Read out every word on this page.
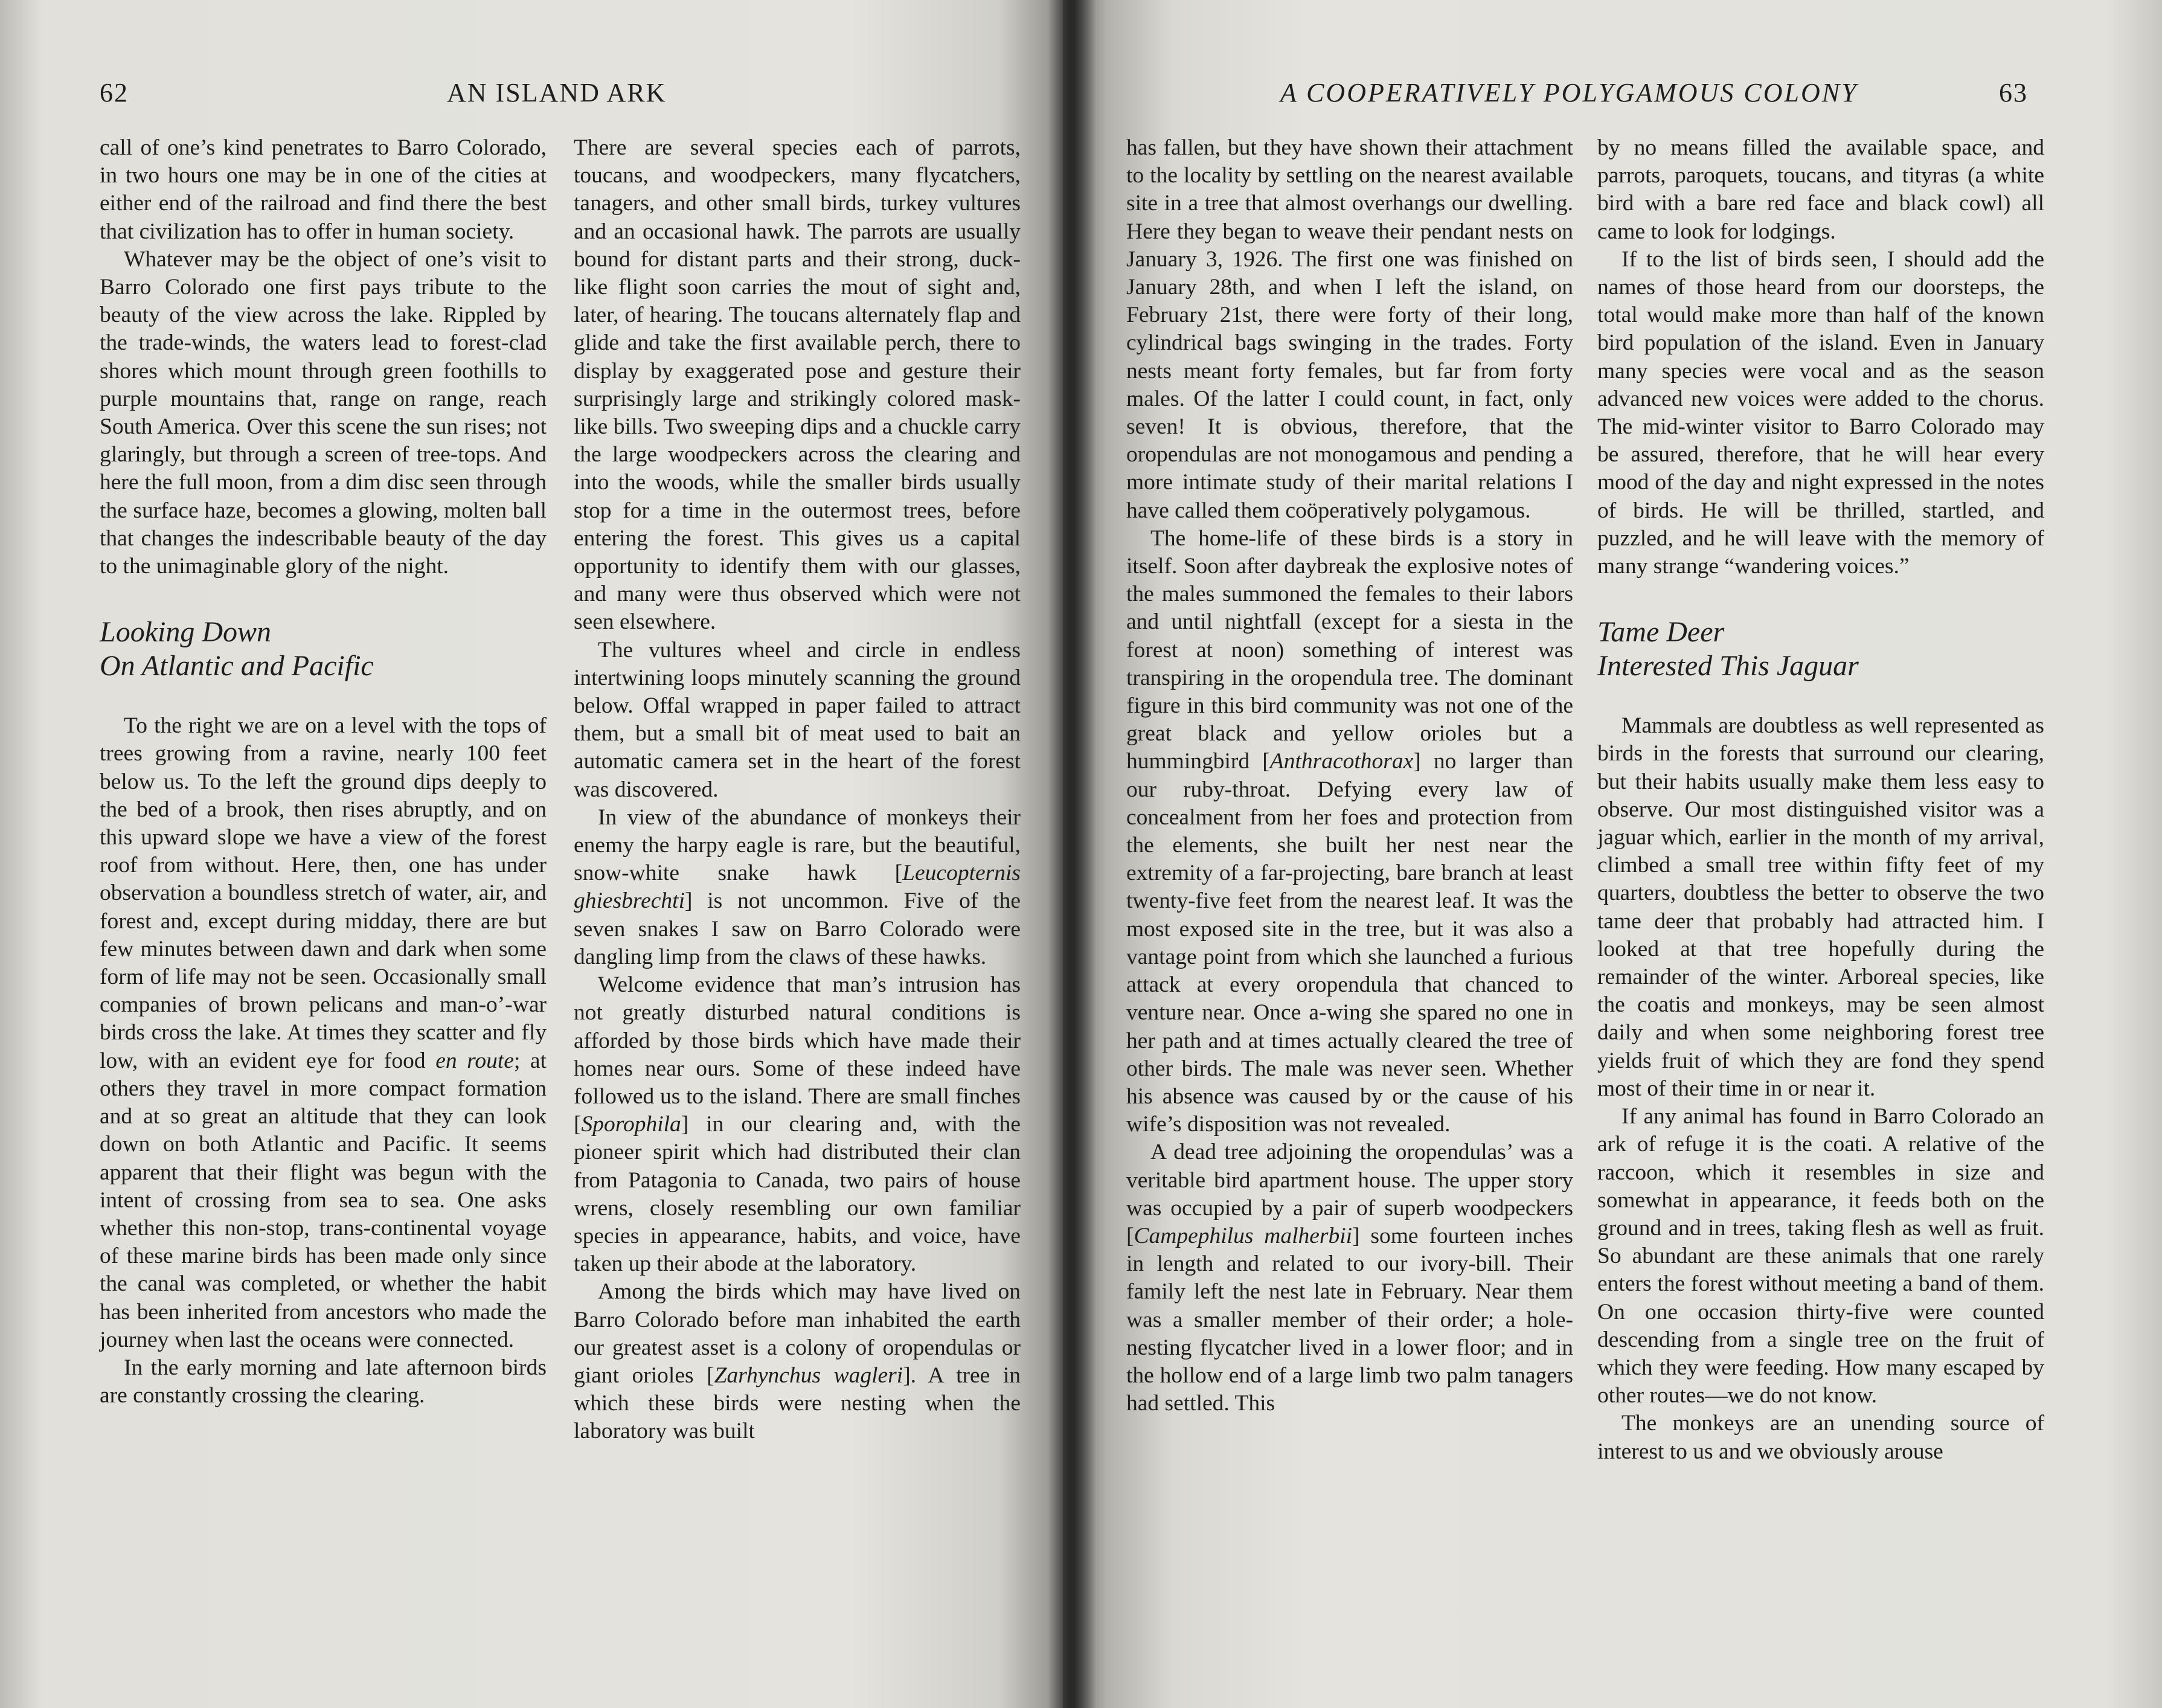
62	AN ISLAND ARK

call of one’s kind penetrates to Barro Colorado, in two hours one may be in one of the cities at either end of the railroad and find there the best that civilization has to offer in human society.

Whatever may be the object of one’s visit to Barro Colorado one first pays tribute to the beauty of the view across the lake. Rippled by the trade-winds, the waters lead to forest-clad shores which mount through green foothills to purple mountains that, range on range, reach South America. Over this scene the sun rises; not glaringly, but through a screen of tree-tops. And here the full moon, from a dim disc seen through the surface haze, becomes a glowing, molten ball that changes the indescribable beauty of the day to the unimaginable glory of the night.

Looking Down
On Atlantic and Pacific

To the right we are on a level with the tops of trees growing from a ravine, nearly 100 feet below us. To the left the ground dips deeply to the bed of a brook, then rises abruptly, and on this upward slope we have a view of the forest roof from without. Here, then, one has under observation a boundless stretch of water, air, and forest and, except during midday, there are but few minutes between dawn and dark when some form of life may not be seen. Occasionally small companies of brown pelicans and man-o’-war birds cross the lake. At times they scatter and fly low, with an evident eye for food en route; at others they travel in more compact formation and at so great an altitude that they can look down on both Atlantic and Pacific. It seems apparent that their flight was begun with the intent of crossing from sea to sea. One asks whether this non-stop, trans-continental voyage of these marine birds has been made only since the canal was completed, or whether the habit has been inherited from ancestors who made the journey when last the oceans were connected.

In the early morning and late afternoon birds are constantly crossing the clearing.

There are several species each of parrots, toucans, and woodpeckers, many flycatchers, tanagers, and other small birds, turkey vultures and an occasional hawk. The parrots are usually bound for distant parts and their strong, duck-like flight soon carries the mout of sight and, later, of hearing. The toucans alternately flap and glide and take the first available perch, there to display by exaggerated pose and gesture their surprisingly large and strikingly colored mask-like bills. Two sweeping dips and a chuckle carry the large woodpeckers across the clearing and into the woods, while the smaller birds usually stop for a time in the outermost trees, before entering the forest. This gives us a capital opportunity to identify them with our glasses, and many were thus observed which were not seen elsewhere.

The vultures wheel and circle in endless intertwining loops minutely scanning the ground below. Offal wrapped in paper failed to attract them, but a small bit of meat used to bait an automatic camera set in the heart of the forest was discovered.

In view of the abundance of monkeys their enemy the harpy eagle is rare, but the beautiful, snow-white snake hawk [Leucopternis ghiesbrechti] is not uncommon. Five of the seven snakes I saw on Barro Colorado were dangling limp from the claws of these hawks.

Welcome evidence that man’s intrusion has not greatly disturbed natural conditions is afforded by those birds which have made their homes near ours. Some of these indeed have followed us to the island. There are small finches [Sporophila] in our clearing and, with the pioneer spirit which had distributed their clan from Patagonia to Canada, two pairs of house wrens, closely resembling our own familiar species in appearance, habits, and voice, have taken up their abode at the laboratory.

Among the birds which may have lived on Barro Colorado before man inhabited the earth our greatest asset is a colony of oropendulas or giant orioles [Zarhynchus wagleri]. A tree in which these birds were nesting when the laboratory was built

A COOPERATIVELY POLYGAMOUS COLONY	63

has fallen, but they have shown their attachment to the locality by settling on the nearest available site in a tree that almost overhangs our dwelling. Here they began to weave their pendant nests on January 3, 1926. The first one was finished on January 28th, and when I left the island, on February 21st, there were forty of their long, cylindrical bags swinging in the trades. Forty nests meant forty females, but far from forty males. Of the latter I could count, in fact, only seven! It is obvious, therefore, that the oropendulas are not monogamous and pending a more intimate study of their marital relations I have called them coöperatively polygamous.

The home-life of these birds is a story in itself. Soon after daybreak the explosive notes of the males summoned the females to their labors and until nightfall (except for a siesta in the forest at noon) something of interest was transpiring in the oropendula tree. The dominant figure in this bird community was not one of the great black and yellow orioles but a hummingbird [Anthracothorax] no larger than our ruby-throat. Defying every law of concealment from her foes and protection from the elements, she built her nest near the extremity of a far-projecting, bare branch at least twenty-five feet from the nearest leaf. It was the most exposed site in the tree, but it was also a vantage point from which she launched a furious attack at every oropendula that chanced to venture near. Once a-wing she spared no one in her path and at times actually cleared the tree of other birds. The male was never seen. Whether his absence was caused by or the cause of his wife’s disposition was not revealed.

A dead tree adjoining the oropendulas’ was a veritable bird apartment house. The upper story was occupied by a pair of superb woodpeckers [Campephilus malherbii] some fourteen inches in length and related to our ivory-bill. Their family left the nest late in February. Near them was a smaller member of their order; a hole-nesting flycatcher lived in a lower floor; and in the hollow end of a large limb two palm tanagers had settled. This

by no means filled the available space, and parrots, paroquets, toucans, and tityras (a white bird with a bare red face and black cowl) all came to look for lodgings.

If to the list of birds seen, I should add the names of those heard from our doorsteps, the total would make more than half of the known bird population of the island. Even in January many species were vocal and as the season advanced new voices were added to the chorus. The mid-winter visitor to Barro Colorado may be assured, therefore, that he will hear every mood of the day and night expressed in the notes of birds. He will be thrilled, startled, and puzzled, and he will leave with the memory of many strange “wandering voices.”

Tame Deer
Interested This Jaguar

Mammals are doubtless as well represented as birds in the forests that surround our clearing, but their habits usually make them less easy to observe. Our most distinguished visitor was a jaguar which, earlier in the month of my arrival, climbed a small tree within fifty feet of my quarters, doubtless the better to observe the two tame deer that probably had attracted him. I looked at that tree hopefully during the remainder of the winter. Arboreal species, like the coatis and monkeys, may be seen almost daily and when some neighboring forest tree yields fruit of which they are fond they spend most of their time in or near it.

If any animal has found in Barro Colorado an ark of refuge it is the coati. A relative of the raccoon, which it resembles in size and somewhat in appearance, it feeds both on the ground and in trees, taking flesh as well as fruit. So abundant are these animals that one rarely enters the forest without meeting a band of them. On one occasion thirty-five were counted descending from a single tree on the fruit of which they were feeding. How many escaped by other routes—we do not know.

The monkeys are an unending source of interest to us and we obviously arouse
